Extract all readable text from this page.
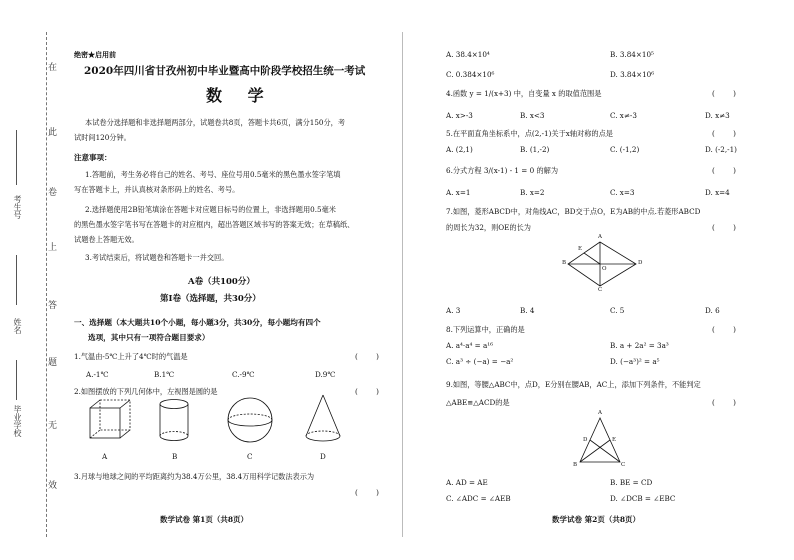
在
此
卷
上
答
题
无
效
考生号
姓名
毕业学校
绝密★启用前
2020年四川省甘孜州初中毕业暨高中阶段学校招生统一考试
数 学
本试卷分选择题和非选择题两部分，试题卷共8页，答题卡共6页，满分150分，考
试时间120分钟。
注意事项：
1.答题前，考生务必将自己的姓名、考号、座位号用0.5毫米的黑色墨水签字笔填
写在答题卡上，并认真核对条形码上的姓名、考号。
2.选择题使用2B铅笔填涂在答题卡对应题目标号的位置上，非选择题用0.5毫米
的黑色墨水签字笔书写在答题卡的对应框内，超出答题区域书写的答案无效；在草稿纸、
试题卷上答题无效。
3.考试结束后，将试题卷和答题卡一并交回。
A卷（共100分）
第Ⅰ卷（选择题，共30分）
一、选择题（本大题共10个小题，每小题3分，共30分，每小题均有四个
选项，其中只有一项符合题目要求）
1.气温由-5℃上升了4℃时的气温是	(        )
A.-1℃	B.1℃	C.-9℃	D.9℃
2.如图摆放的下列几何体中，左视图是圆的是	(        )
A	B	C	D
3.月球与地球之间的平均距离约为38.4万公里，38.4万用科学记数法表示为
(        )
数学试卷 第1页（共8页）
A. 38.4×10⁴	B. 3.84×10⁵
C. 0.384×10⁶	D. 3.84×10⁶
4.函数 y = 1/(x+3) 中，自变量 x 的取值范围是	(        )
A. x>-3	B. x<3	C. x≠-3	D. x≠3
5.在平面直角坐标系中，点(2,-1)关于x轴对称的点是	(        )
A. (2,1)	B. (1,-2)	C. (-1,2)	D. (-2,-1)
6.分式方程 3/(x-1) - 1 = 0 的解为	(        )
A. x=1	B. x=2	C. x=3	D. x=4
7.如图，菱形ABCD中，对角线AC，BD交于点O，E为AB的中点.若菱形ABCD
的周长为32，则OE的长为	(        )
A
B
C
D
E
O
A. 3	B. 4	C. 5	D. 6
8.下列运算中，正确的是	(        )
A. a⁴·a⁴ = a¹⁶	B. a + 2a² = 3a³
C. a³ ÷ (−a) = −a²	D. (−a³)² = a⁵
9.如图，等腰△ABC中，点D，E分别在腰AB，AC上，添加下列条件，不能判定
△ABE≌△ACD的是	(        )
A
B	C
D	E
A. AD = AE	B. BE = CD
C. ∠ADC = ∠AEB	D. ∠DCB = ∠EBC
数学试卷 第2页（共8页）
